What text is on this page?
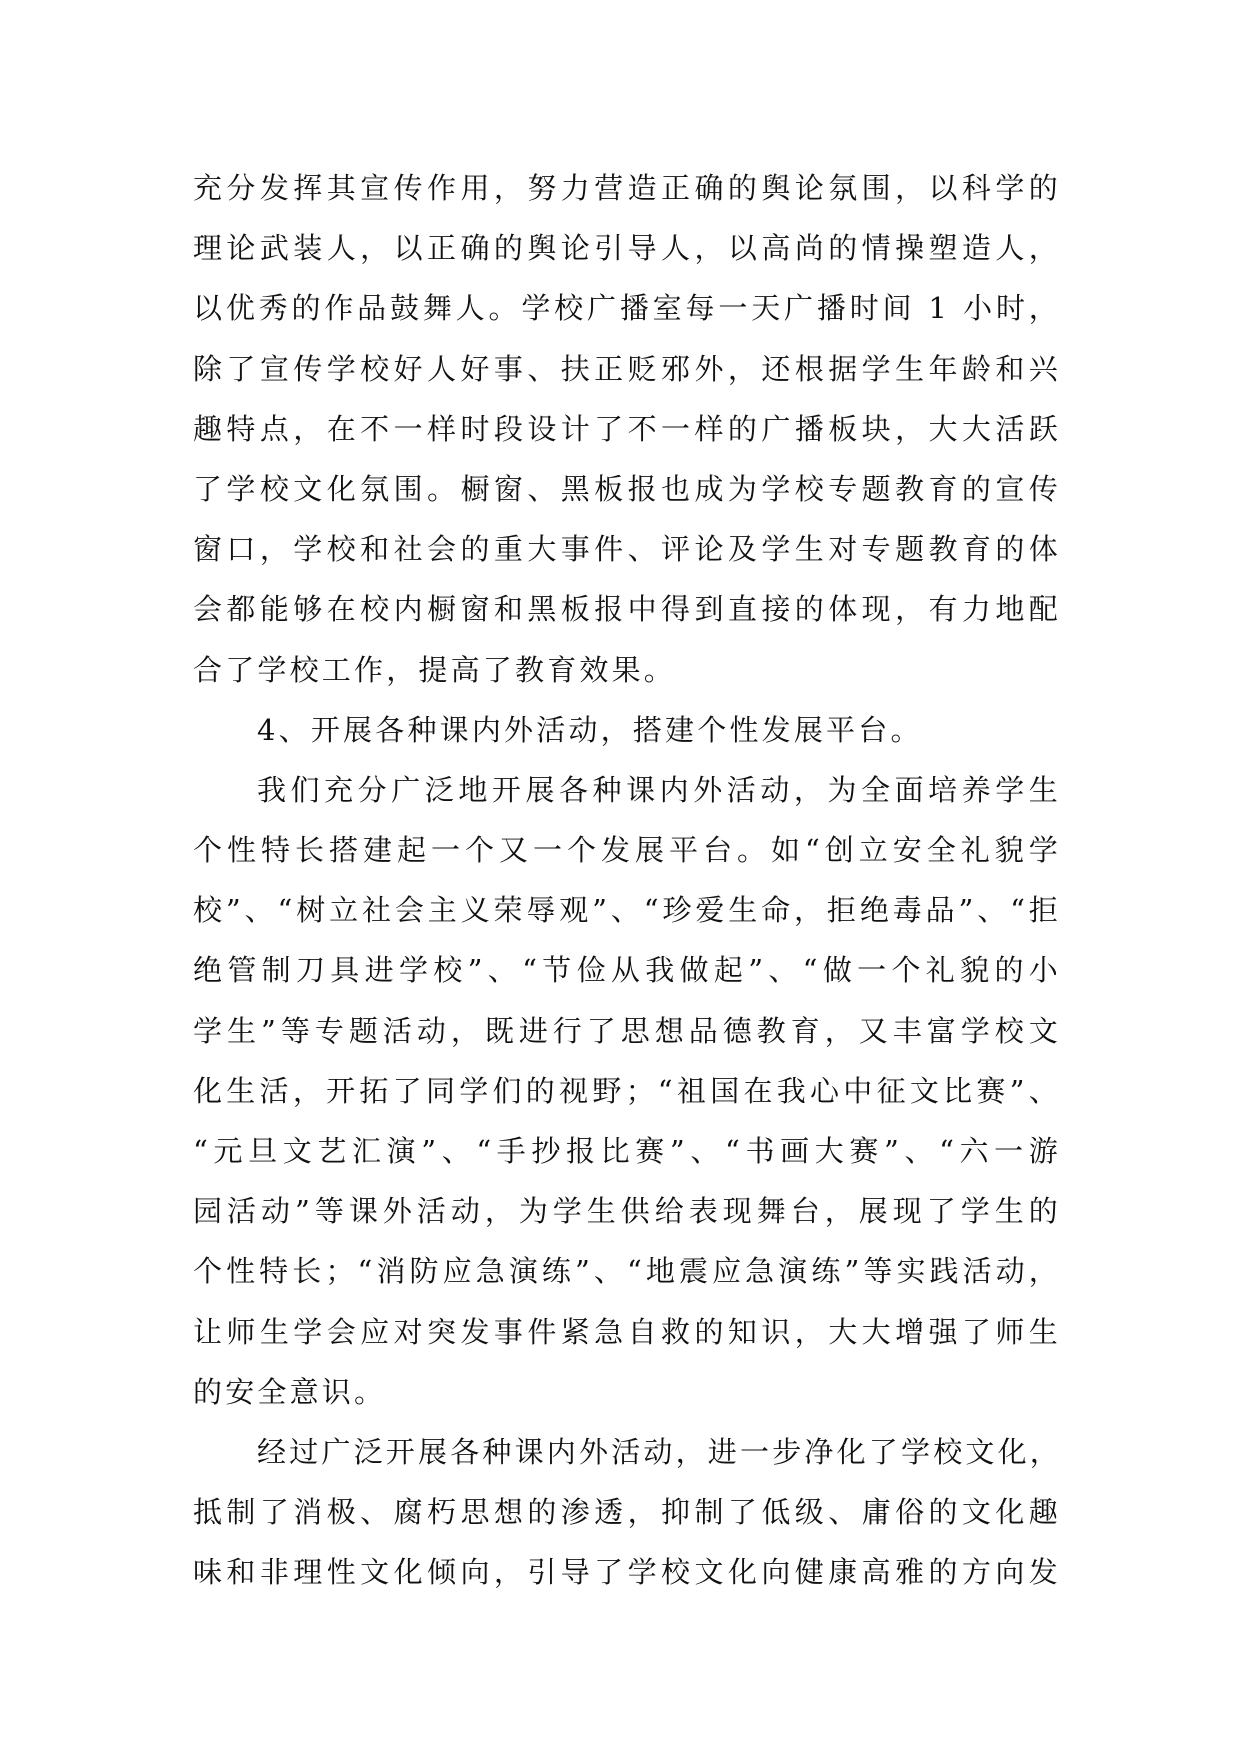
充分发挥其宣传作用，努力营造正确的舆论氛围，以科学的
理论武装人，以正确的舆论引导人，以高尚的情操塑造人，
以优秀的作品鼓舞人。学校广播室每一天广播时间 1 小时，
除了宣传学校好人好事、扶正贬邪外，还根据学生年龄和兴
趣特点，在不一样时段设计了不一样的广播板块，大大活跃
了学校文化氛围。橱窗、黑板报也成为学校专题教育的宣传
窗口，学校和社会的重大事件、评论及学生对专题教育的体
会都能够在校内橱窗和黑板报中得到直接的体现，有力地配
合了学校工作，提高了教育效果。
4、开展各种课内外活动，搭建个性发展平台。
我们充分广泛地开展各种课内外活动，为全面培养学生
个性特长搭建起一个又一个发展平台。如“创立安全礼貌学
校”、“树立社会主义荣辱观”、“珍爱生命，拒绝毒品”、“拒
绝管制刀具进学校”、“节俭从我做起”、“做一个礼貌的小
学生”等专题活动，既进行了思想品德教育，又丰富学校文
化生活，开拓了同学们的视野；“祖国在我心中征文比赛”、
“元旦文艺汇演”、“手抄报比赛”、“书画大赛”、“六一游
园活动”等课外活动，为学生供给表现舞台，展现了学生的
个性特长；“消防应急演练”、“地震应急演练”等实践活动，
让师生学会应对突发事件紧急自救的知识，大大增强了师生
的安全意识。
经过广泛开展各种课内外活动，进一步净化了学校文化，
抵制了消极、腐朽思想的渗透，抑制了低级、庸俗的文化趣
味和非理性文化倾向，引导了学校文化向健康高雅的方向发
